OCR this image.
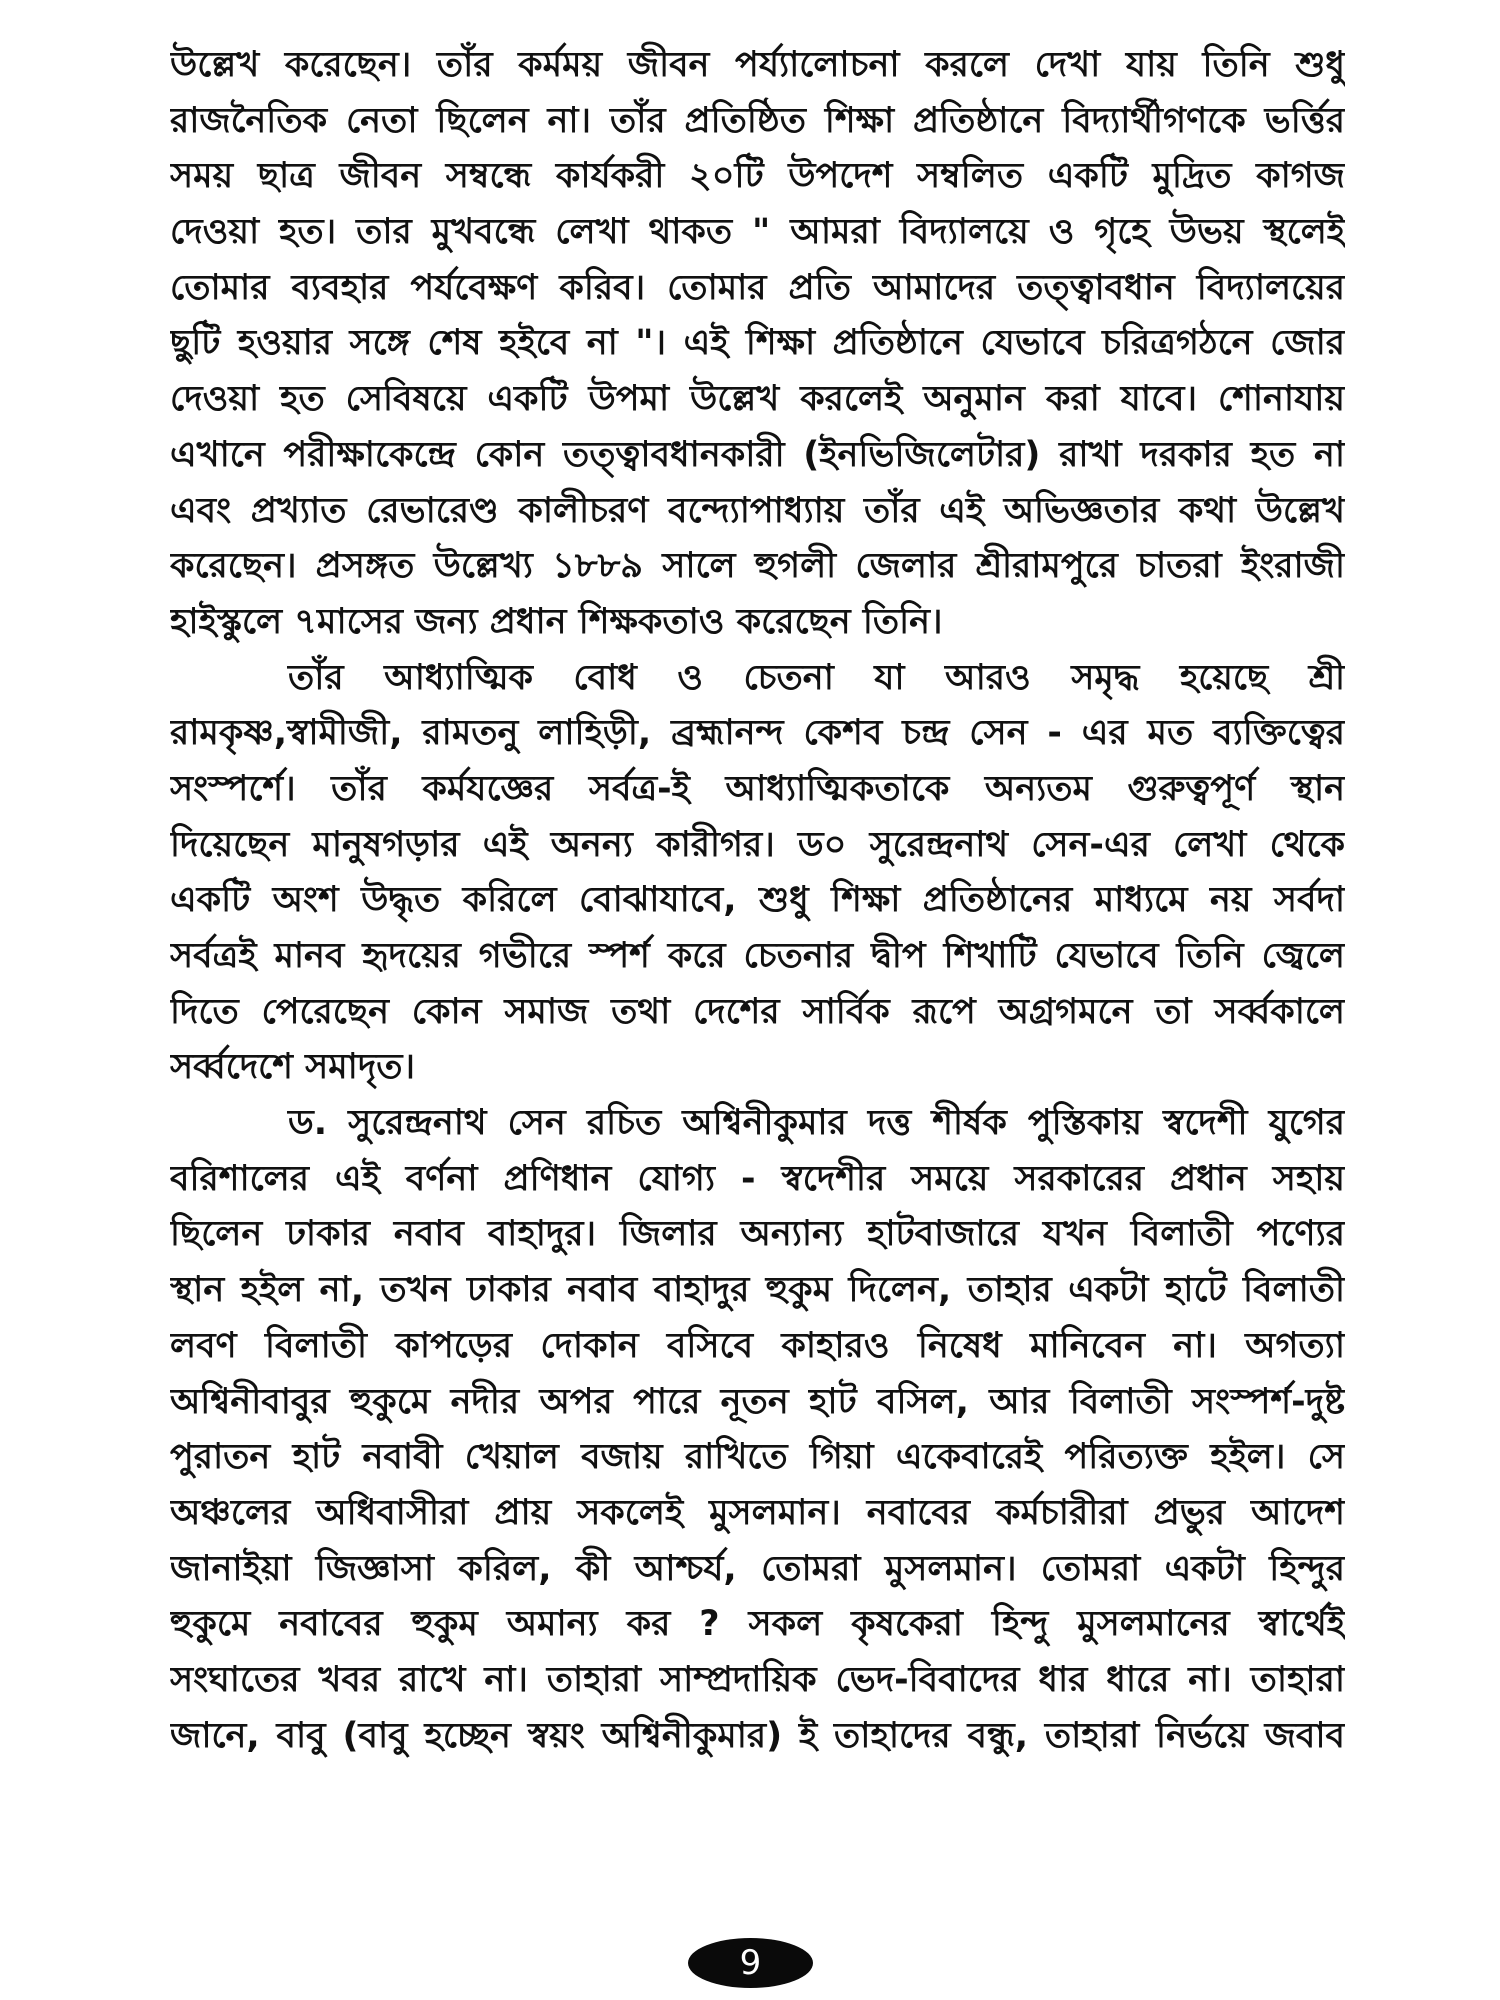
উল্লেখ করেছেন। তাঁর কর্মময় জীবন পর্য্যালোচনা করলে দেখা যায় তিনি শুধু
রাজনৈতিক নেতা ছিলেন না। তাঁর প্রতিষ্ঠিত শিক্ষা প্রতিষ্ঠানে বিদ্যার্থীগণকে ভর্ত্তির
সময় ছাত্র জীবন সম্বন্ধে কার্যকরী ২০টি উপদেশ সম্বলিত একটি মুদ্রিত কাগজ
দেওয়া হত। তার মুখবন্ধে লেখা থাকত " আমরা বিদ্যালয়ে ও গৃহে উভয় স্থলেই
তোমার ব্যবহার পর্যবেক্ষণ করিব। তোমার প্রতি আমাদের তত্ত্বাবধান বিদ্যালয়ের
ছুটি হওয়ার সঙ্গে শেষ হইবে না "। এই শিক্ষা প্রতিষ্ঠানে যেভাবে চরিত্রগঠনে জোর
দেওয়া হত সেবিষয়ে একটি উপমা উল্লেখ করলেই অনুমান করা যাবে। শোনাযায়
এখানে পরীক্ষাকেন্দ্রে কোন তত্ত্বাবধানকারী (ইনভিজিলেটার) রাখা দরকার হত না
এবং প্রখ্যাত রেভারেণ্ড কালীচরণ বন্দ্যোপাধ্যায় তাঁর এই অভিজ্ঞতার কথা উল্লেখ
করেছেন। প্রসঙ্গত উল্লেখ্য ১৮৮৯ সালে হুগলী জেলার শ্রীরামপুরে চাতরা ইংরাজী
হাইস্কুলে ৭মাসের জন্য প্রধান শিক্ষকতাও করেছেন তিনি।
তাঁর আধ্যাত্মিক বোধ ও চেতনা যা আরও সমৃদ্ধ হয়েছে শ্রী
রামকৃষ্ণ,স্বামীজী, রামতনু লাহিড়ী, ব্রহ্মানন্দ কেশব চন্দ্র সেন - এর মত ব্যক্তিত্বের
সংস্পর্শে। তাঁর কর্মযজ্ঞের সর্বত্র-ই আধ্যাত্মিকতাকে অন্যতম গুরুত্বপূর্ণ স্থান
দিয়েছেন মানুষগড়ার এই অনন্য কারীগর। ড০ সুরেন্দ্রনাথ সেন-এর লেখা থেকে
একটি অংশ উদ্ধৃত করিলে বোঝাযাবে, শুধু শিক্ষা প্রতিষ্ঠানের মাধ্যমে নয় সর্বদা
সর্বত্রই মানব হৃদয়ের গভীরে স্পর্শ করে চেতনার দ্বীপ শিখাটি যেভাবে তিনি জ্বেলে
দিতে পেরেছেন কোন সমাজ তথা দেশের সার্বিক রূপে অগ্রগমনে তা সর্ব্বকালে
সর্ব্বদেশে সমাদৃত।
ড. সুরেন্দ্রনাথ সেন রচিত অশ্বিনীকুমার দত্ত শীর্ষক পুস্তিকায় স্বদেশী যুগের
বরিশালের এই বর্ণনা প্রণিধান যোগ্য - স্বদেশীর সময়ে সরকারের প্রধান সহায়
ছিলেন ঢাকার নবাব বাহাদুর। জিলার অন্যান্য হাটবাজারে যখন বিলাতী পণ্যের
স্থান হইল না, তখন ঢাকার নবাব বাহাদুর হুকুম দিলেন, তাহার একটা হাটে বিলাতী
লবণ বিলাতী কাপড়ের দোকান বসিবে কাহারও নিষেধ মানিবেন না। অগত্যা
অশ্বিনীবাবুর হুকুমে নদীর অপর পারে নূতন হাট বসিল, আর বিলাতী সংস্পর্শ-দুষ্ট
পুরাতন হাট নবাবী খেয়াল বজায় রাখিতে গিয়া একেবারেই পরিত্যক্ত হইল। সে
অঞ্চলের অধিবাসীরা প্রায় সকলেই মুসলমান। নবাবের কর্মচারীরা প্রভুর আদেশ
জানাইয়া জিজ্ঞাসা করিল, কী আশ্চর্য, তোমরা মুসলমান। তোমরা একটা হিন্দুর
হুকুমে নবাবের হুকুম অমান্য কর ? সকল কৃষকেরা হিন্দু মুসলমানের স্বার্থেই
সংঘাতের খবর রাখে না। তাহারা সাম্প্রদায়িক ভেদ-বিবাদের ধার ধারে না। তাহারা
জানে, বাবু (বাবু হচ্ছেন স্বয়ং অশ্বিনীকুমার) ই তাহাদের বন্ধু, তাহারা নির্ভয়ে জবাব
9
